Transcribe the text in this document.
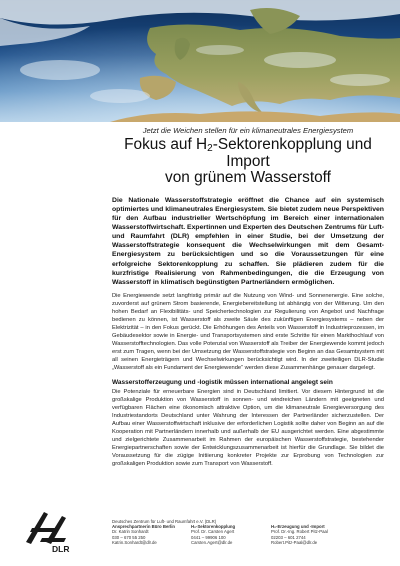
Jetzt die Weichen stellen für ein klimaneutrales Energiesystem
Fokus auf $H_2$-Sektorenkopplung und Import
von grünem Wasserstoff
Die Nationale Wasserstoffstrategie eröffnet die Chance auf ein systemisch optimiertes und klimaneutrales Energiesystem. Sie bietet zudem neue Perspektiven für den Aufbau industrieller Wertschöpfung im Bereich einer internationalen Wasserstoffwirtschaft. Expertinnen und Experten des Deutschen Zentrums für Luft- und Raumfahrt (DLR) empfehlen in einer Studie, bei der Umsetzung der Wasserstoffstrategie konsequent die Wechselwirkungen mit dem Gesamt-Energiesystem zu berücksichtigen und so die Voraussetzungen für eine erfolgreiche Sektorenkopplung zu schaffen. Sie plädieren zudem für die kurzfristige Realisierung von Rahmenbedingungen, die die Erzeugung von Wasserstoff in klimatisch begünstigten Partnerländern ermöglichen.
Die Energiewende setzt langfristig primär auf die Nutzung von Wind- und Sonnenenergie. Eine solche, zuvorderst auf grünem Strom basierende, Energiebereitstellung ist abhängig von der Witterung. Um den hohen Bedarf an Flexibilitäts- und Speichertechnologien zur Regulierung von Angebot und Nachfrage bedienen zu können, ist Wasserstoff als zweite Säule des zukünftigen Energiesystems – neben der Elektrizität – in den Fokus gerückt. Die Erhöhungen des Anteils von Wasserstoff in Industrieprozessen, im Gebäudesektor sowie in Energie- und Transportsystemen sind erste Schritte für einen Markthochlauf von Wasserstofftechnologien. Das volle Potenzial von Wasserstoff als Treiber der Energiewende kommt jedoch erst zum Tragen, wenn bei der Umsetzung der Wasserstoffstrategie von Beginn an das Gesamtsystem mit all seinen Energieträgern und Wechselwirkungen berücksichtigt wird. In der zweiteiligen DLR-Studie „Wasserstoff als ein Fundament der Energiewende“ werden diese Zusammenhänge genauer dargelegt.
Wasserstofferzeugung und -logistik müssen international angelegt sein
Die Potenziale für erneuerbare Energien sind in Deutschland limitiert. Vor diesem Hintergrund ist die großskalige Produktion von Wasserstoff in sonnen- und windreichen Ländern mit geeigneten und verfügbaren Flächen eine ökonomisch attraktive Option, um die klimaneutrale Energieversorgung des Industriestandorts Deutschland unter Wahrung der Interessen der Partnerländer sicherzustellen. Der Aufbau einer Wasserstoffwirtschaft inklusive der erforderlichen Logistik sollte daher von Beginn an auf die Kooperation mit Partnerländern innerhalb und außerhalb der EU ausgerichtet werden. Eine abgestimmte und zielgerichtete Zusammenarbeit im Rahmen der europäischen Wasserstoffstrategie, bestehender Energiepartnerschaften sowie der Entwicklungszusammenarbeit ist hierfür die Grundlage. Sie bildet die Voraussetzung für die zügige Initiierung konkreter Projekte zur Erprobung von Technologien zur großskaligen Produktion sowie zum Transport von Wasserstoff.
DLR
Deutsches Zentrum für Luft- und Raumfahrt e.V. (DLR)
Ansprechpartnerin Büro Berlin
Dr. Katrin Sonhardt
030 – 670 55 250
Katrin.Sonhardt@dlr.de
H₂-Sektorenkopplung
Prof. Dr. Carsten Agert
0441 – 99906 100
Carsten.Agert@dlr.de
H₂-Erzeugung und -Import
Prof. Dr.-Ing. Robert Pitz-Paal
02203 – 601 2744
Robert.Pitz-Paal@dlr.de
